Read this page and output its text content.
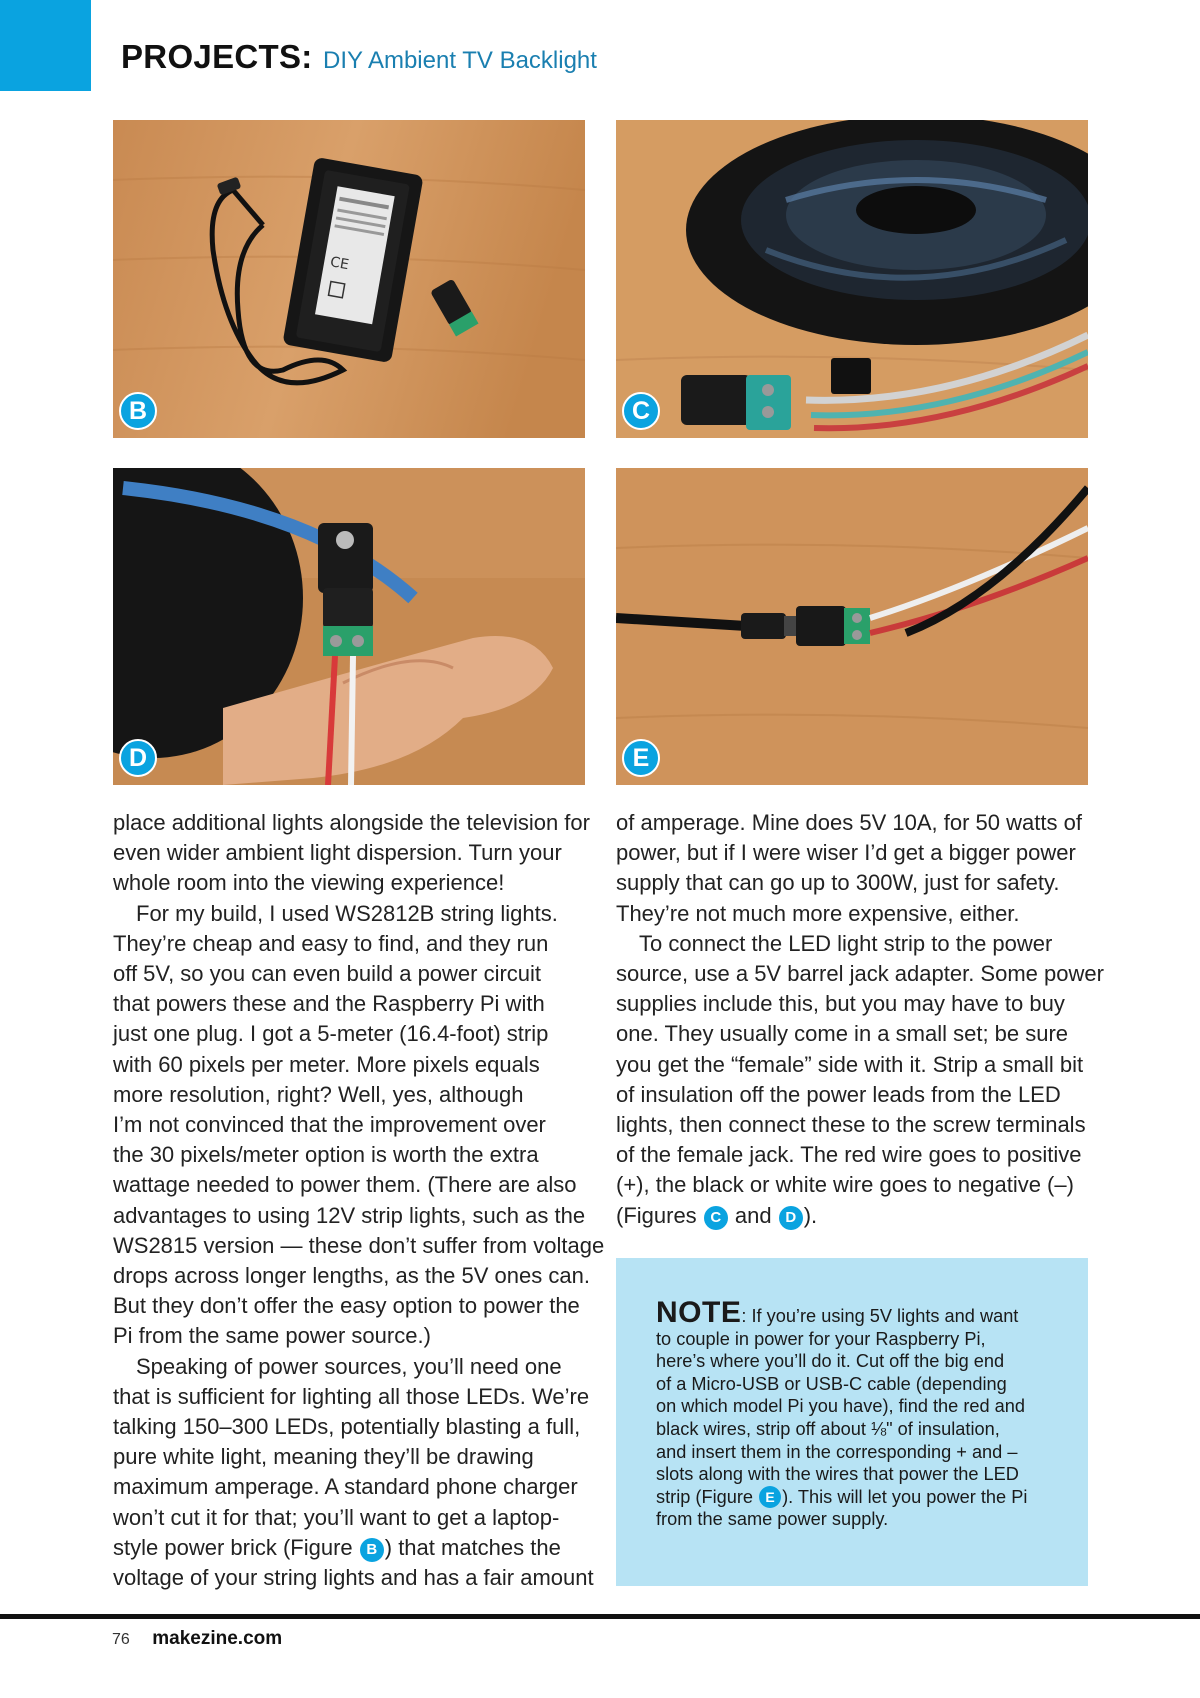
PROJECTS: DIY Ambient TV Backlight
CE
B	C
D	E

place additional lights alongside the television for

even wider ambient light dispersion. Turn your

whole room into the viewing experience!

For my build, I used WS2812B string lights.

They’re cheap and easy to find, and they run

off 5V, so you can even build a power circuit

that powers these and the Raspberry Pi with

just one plug. I got a 5-meter (16.4-foot) strip

with 60 pixels per meter. More pixels equals

more resolution, right? Well, yes, although

I’m not convinced that the improvement over

the 30 pixels/meter option is worth the extra

wattage needed to power them. (There are also

advantages to using 12V strip lights, such as the

WS2815 version — these don’t suffer from voltage

drops across longer lengths, as the 5V ones can.

But they don’t offer the easy option to power the

Pi from the same power source.)

Speaking of power sources, you’ll need one

that is sufficient for lighting all those LEDs. We’re

talking 150–300 LEDs, potentially blasting a full,

pure white light, meaning they’ll be drawing

maximum amperage. A standard phone charger

won’t cut it for that; you’ll want to get a laptop-

style power brick (Figure B ) that matches the

voltage of your string lights and has a fair amount

of amperage. Mine does 5V 10A, for 50 watts of

power, but if I were wiser I’d get a bigger power

supply that can go up to 300W, just for safety.

They’re not much more expensive, either.

To connect the LED light strip to the power

source, use a 5V barrel jack adapter. Some power

supplies include this, but you may have to buy

one. They usually come in a small set; be sure

you get the “female” side with it. Strip a small bit

of insulation off the power leads from the LED

lights, then connect these to the screw terminals

of the female jack. The red wire goes to positive

(+), the black or white wire goes to negative (–)

(Figures C and D ).

NOTE: If you’re using 5V lights and want

to couple in power for your Raspberry Pi,

here’s where you’ll do it. Cut off the big end

of a Micro-USB or USB-C cable (depending

on which model Pi you have), find the red and

black wires, strip off about ⅛" of insulation,

and insert them in the corresponding + and –

slots along with the wires that power the LED

strip (Figure E ). This will let you power the Pi

from the same power supply.

76 makezine.com
